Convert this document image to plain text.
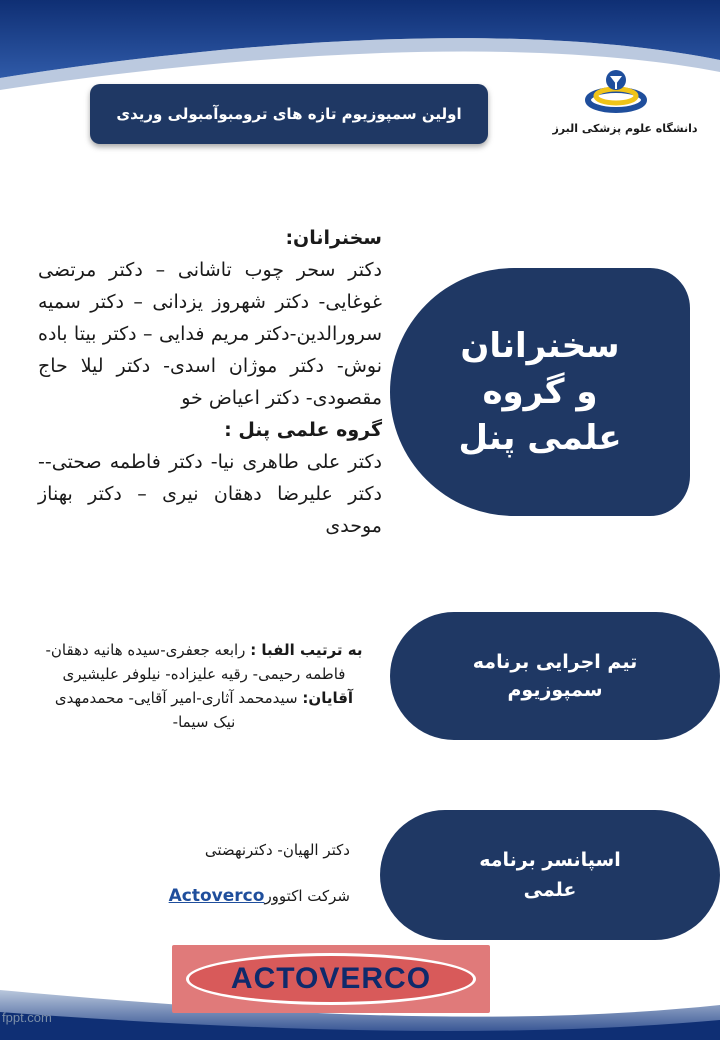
اولین سمپوزیوم تازه های ترومبوآمبولی وریدی
دانشگاه علوم پزشکی البرز
سخنرانان
و گروه
علمی پنل
سخنرانان:
دکتر سحر چوب تاشانی – دکتر مرتضی غوغایی- دکتر شهروز یزدانی – دکتر سمیه سرورالدین-دکتر مریم فدایی – دکتر بیتا باده نوش- دکتر موژان اسدی- دکتر لیلا حاج مقصودی- دکتر اعیاض خو
گروه علمی پنل :
دکتر علی طاهری نیا- دکتر فاطمه صحتی--دکتر علیرضا دهقان نیری – دکتر بهناز موحدی
تیم اجرایی برنامه
سمپوزیوم
به ترتیب الفبا : رابعه جعفری-سیده هانیه دهقان- فاطمه رحیمی- رقیه علیزاده- نیلوفر علیشیری آقایان: سیدمحمد آثاری-امیر آقایی- محمدمهدی نیک سیما-
اسپانسر برنامه
علمی
دکتر الهیان- دکترنهضتی
شرکت اکتوورActoverco
ACTOVERCO
fppt.com
